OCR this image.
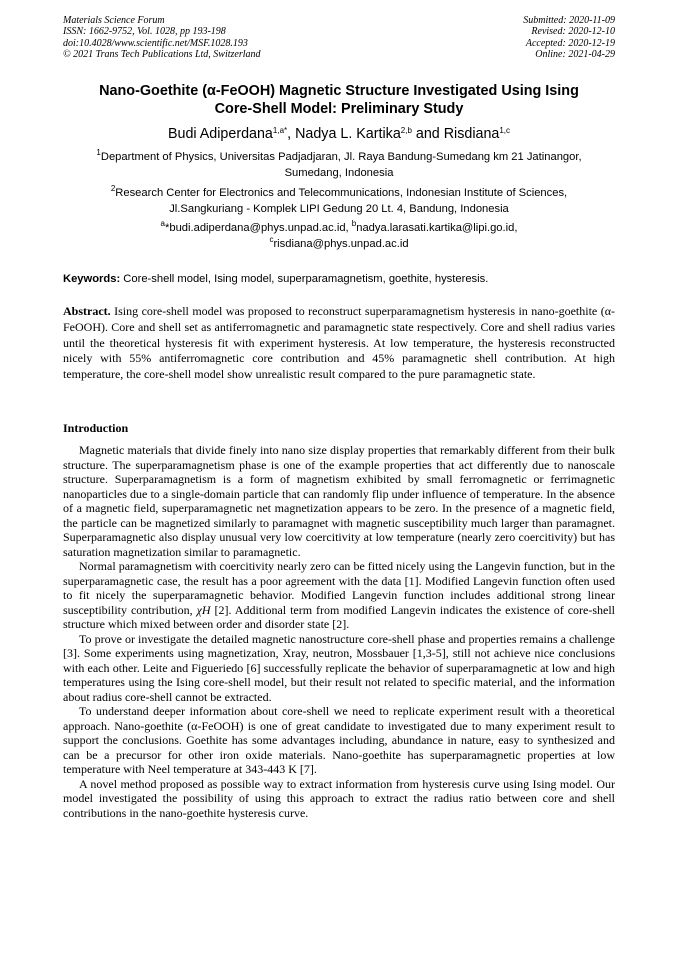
Materials Science Forum
ISSN: 1662-9752, Vol. 1028, pp 193-198
doi:10.4028/www.scientific.net/MSF.1028.193
© 2021 Trans Tech Publications Ltd, Switzerland
Submitted: 2020-11-09
Revised: 2020-12-10
Accepted: 2020-12-19
Online: 2021-04-29
Nano-Goethite (α-FeOOH) Magnetic Structure Investigated Using Ising
Core-Shell Model: Preliminary Study
Budi Adiperdana$^{1,a*}$, Nadya L. Kartika$^{2,b}$ and Risdiana$^{1,c}$
$^1$Department of Physics, Universitas Padjadjaran, Jl. Raya Bandung-Sumedang km 21 Jatinangor,
Sumedang, Indonesia
$^2$Research Center for Electronics and Telecommunications, Indonesian Institute of Sciences,
Jl.Sangkuriang - Komplek LIPI Gedung 20 Lt. 4, Bandung, Indonesia
$^a$*budi.adiperdana@phys.unpad.ac.id, $^b$nadya.larasati.kartika@lipi.go.id,
$^c$risdiana@phys.unpad.ac.id
Keywords: Core-shell model, Ising model, superparamagnetism, goethite, hysteresis.
Abstract. Ising core-shell model was proposed to reconstruct superparamagnetism hysteresis in nano-goethite (α-FeOOH). Core and shell set as antiferromagnetic and paramagnetic state respectively. Core and shell radius varies until the theoretical hysteresis fit with experiment hysteresis. At low temperature, the hysteresis reconstructed nicely with 55% antiferromagnetic core contribution and 45% paramagnetic shell contribution. At high temperature, the core-shell model show unrealistic result compared to the pure paramagnetic state.
Introduction

Magnetic materials that divide finely into nano size display properties that remarkably different from their bulk structure. The superparamagnetism phase is one of the example properties that act differently due to nanoscale structure. Superparamagnetism is a form of magnetism exhibited by small ferromagnetic or ferrimagnetic nanoparticles due to a single-domain particle that can randomly flip under influence of temperature. In the absence of a magnetic field, superparamagnetic net magnetization appears to be zero. In the presence of a magnetic field, the particle can be magnetized similarly to paramagnet with magnetic susceptibility much larger than paramagnet. Superparamagnetic also display unusual very low coercitivity at low temperature (nearly zero coercitivity) but has saturation magnetization similar to paramagnetic.

Normal paramagnetism with coercitivity nearly zero can be fitted nicely using the Langevin function, but in the superparamagnetic case, the result has a poor agreement with the data [1]. Modified Langevin function often used to fit nicely the superparamagnetic behavior. Modified Langevin function includes additional strong linear susceptibility contribution, χH [2]. Additional term from modified Langevin indicates the existence of core-shell structure which mixed between order and disorder state [2].

To prove or investigate the detailed magnetic nanostructure core-shell phase and properties remains a challenge [3]. Some experiments using magnetization, Xray, neutron, Mossbauer [1,3-5], still not achieve nice conclusions with each other. Leite and Figueriedo [6] successfully replicate the behavior of superparamagnetic at low and high temperatures using the Ising core-shell model, but their result not related to specific material, and the information about radius core-shell cannot be extracted.

To understand deeper information about core-shell we need to replicate experiment result with a theoretical approach. Nano-goethite (α-FeOOH) is one of great candidate to investigated due to many experiment result to support the conclusions. Goethite has some advantages including, abundance in nature, easy to synthesized and can be a precursor for other iron oxide materials. Nano-goethite has superparamagnetic properties at low temperature with Neel temperature at 343-443 K [7].

A novel method proposed as possible way to extract information from hysteresis curve using Ising model. Our model investigated the possibility of using this approach to extract the radius ratio between core and shell contributions in the nano-goethite hysteresis curve.
